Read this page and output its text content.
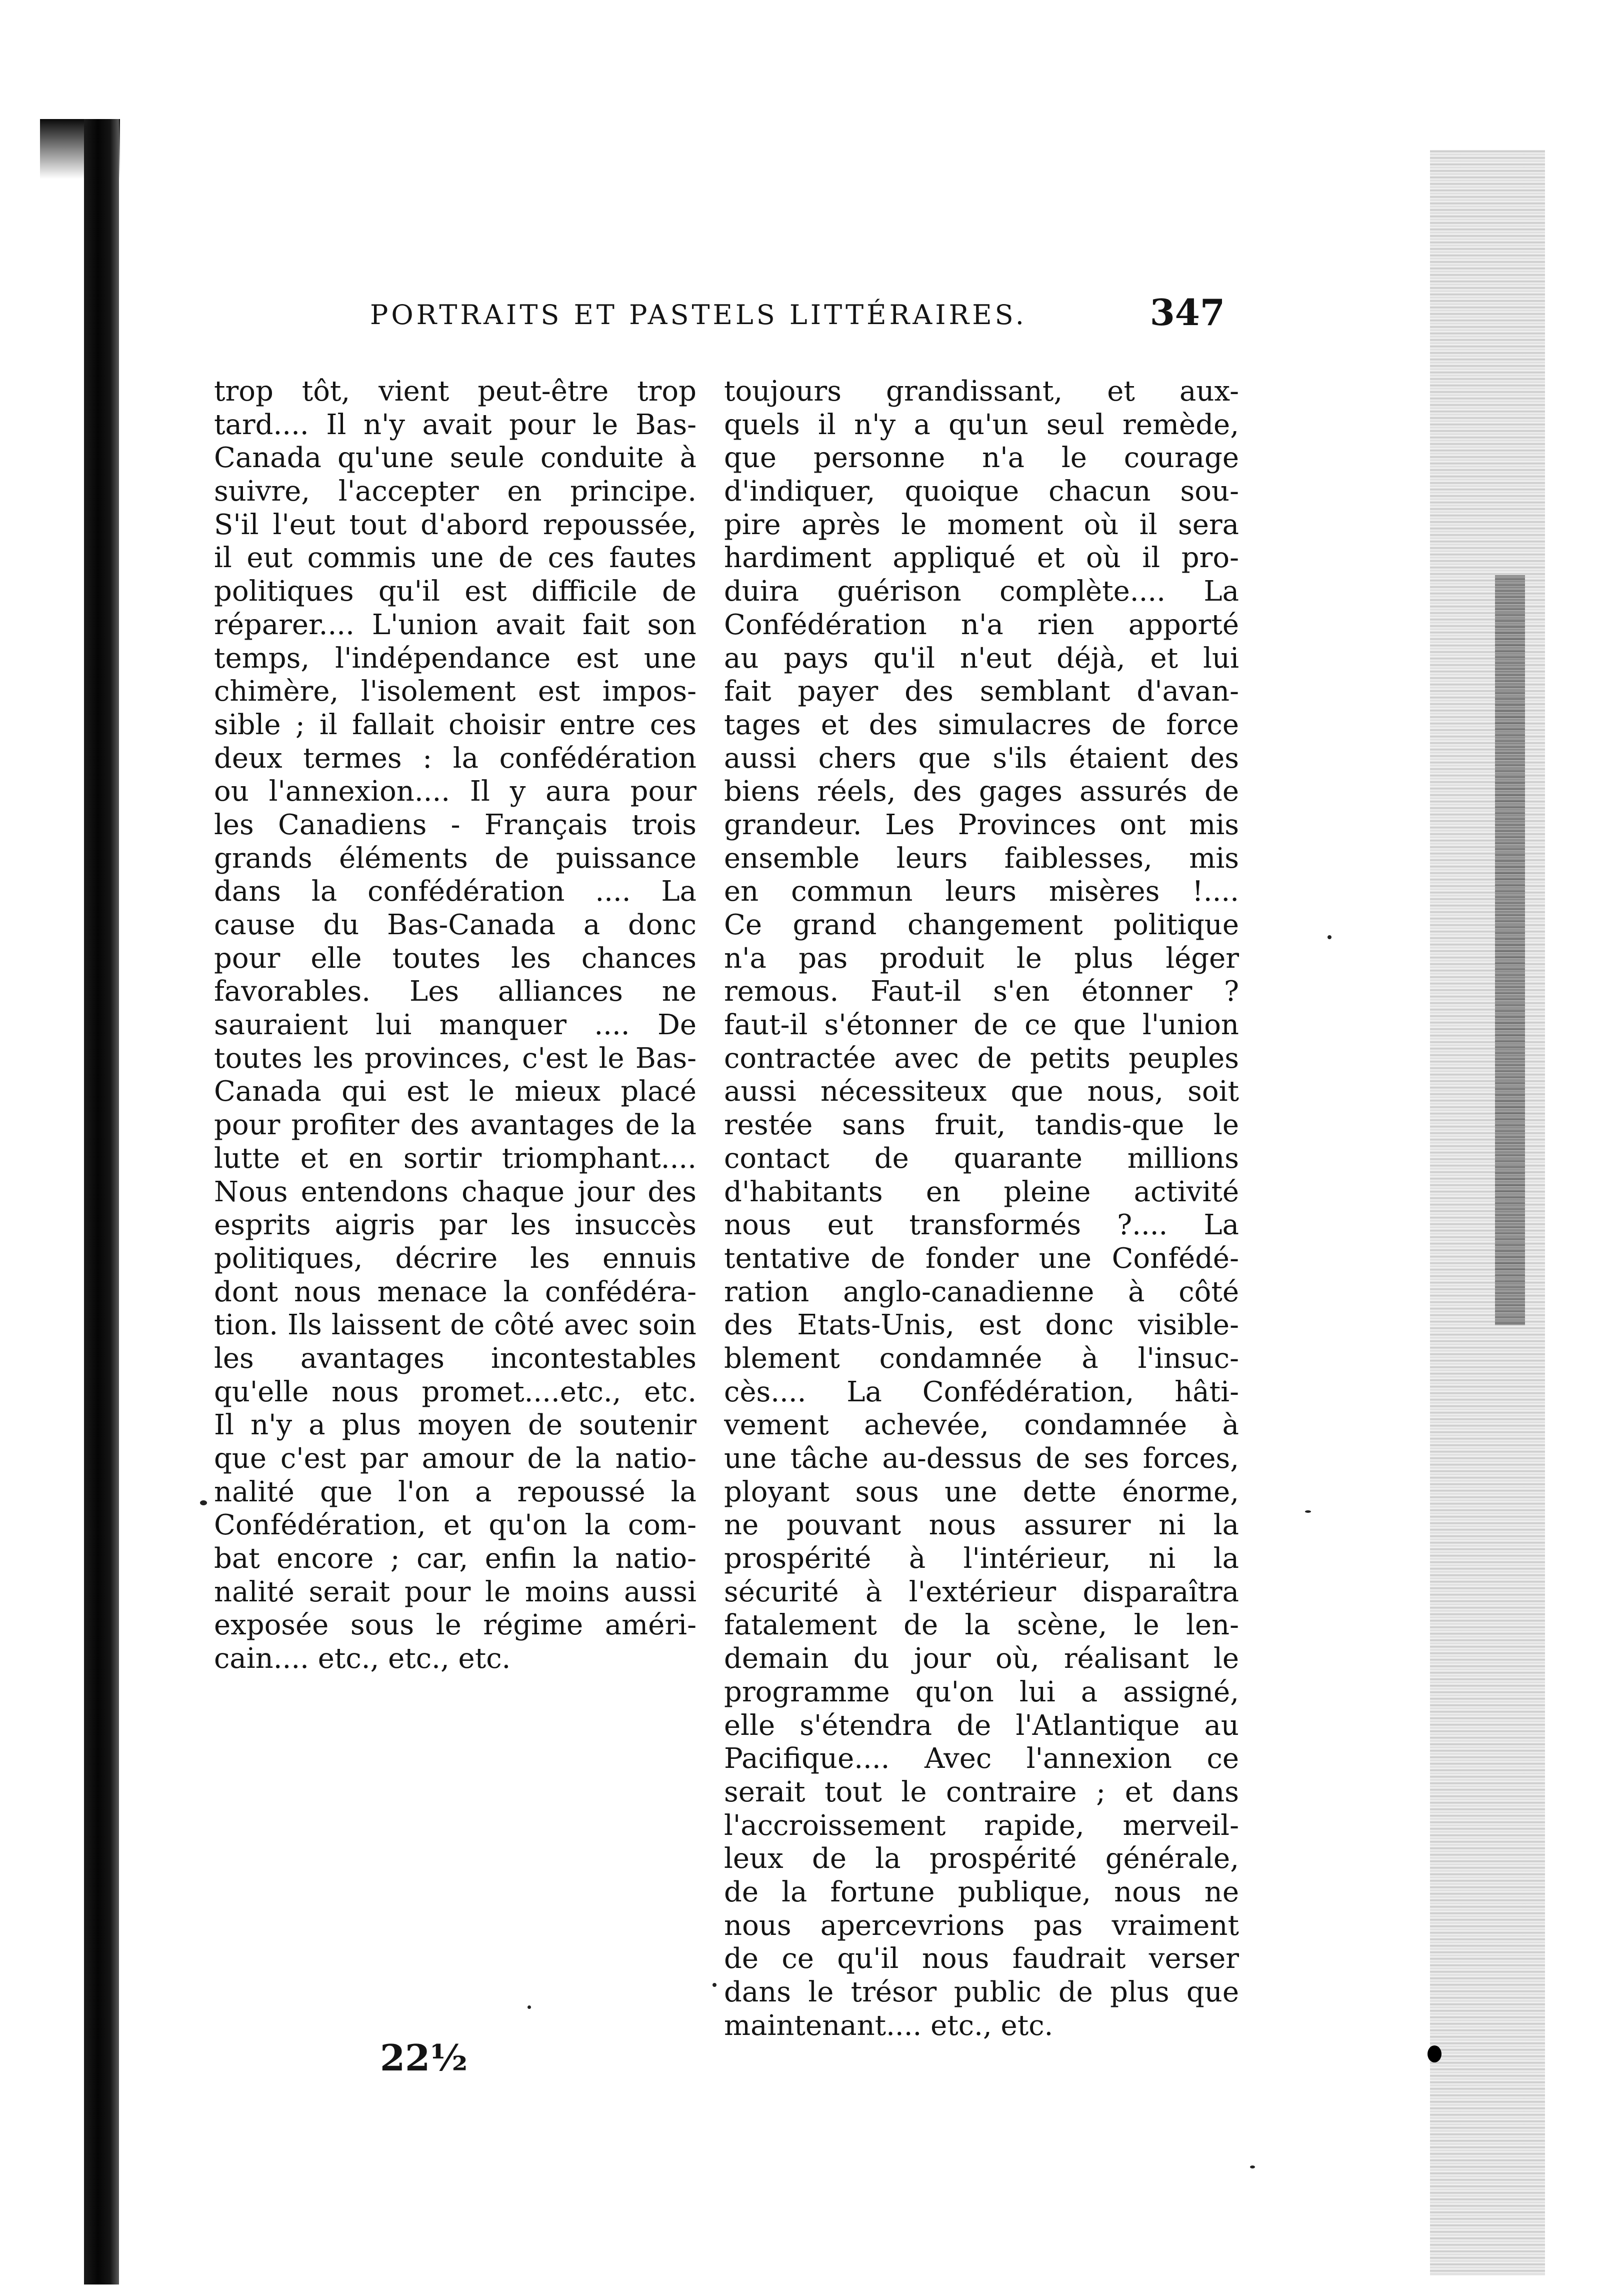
PORTRAITS ET PASTELS LITTÉRAIRES.	347
trop tôt, vient peut-être trop
tard.... Il n'y avait pour le Bas-
Canada qu'une seule conduite à
suivre, l'accepter en principe.
S'il l'eut tout d'abord repoussée,
il eut commis une de ces fautes
politiques qu'il est difficile de
réparer.... L'union avait fait son
temps, l'indépendance est une
chimère, l'isolement est impos-
sible ; il fallait choisir entre ces
deux termes : la confédération
ou l'annexion.... Il y aura pour
les Canadiens - Français trois
grands éléments de puissance
dans la confédération .... La
cause du Bas-Canada a donc
pour elle toutes les chances
favorables. Les alliances ne
sauraient lui manquer .... De
toutes les provinces, c'est le Bas-
Canada qui est le mieux placé
pour profiter des avantages de la
lutte et en sortir triomphant....
Nous entendons chaque jour des
esprits aigris par les insuccès
politiques, décrire les ennuis
dont nous menace la confédéra-
tion. Ils laissent de côté avec soin
les avantages incontestables
qu'elle nous promet....etc., etc.
Il n'y a plus moyen de soutenir
que c'est par amour de la natio-
nalité que l'on a repoussé la
Confédération, et qu'on la com-
bat encore ; car, enfin la natio-
nalité serait pour le moins aussi
exposée sous le régime améri-
cain.... etc., etc., etc.
toujours grandissant, et aux-
quels il n'y a qu'un seul remède,
que personne n'a le courage
d'indiquer, quoique chacun sou-
pire après le moment où il sera
hardiment appliqué et où il pro-
duira guérison complète.... La
Confédération n'a rien apporté
au pays qu'il n'eut déjà, et lui
fait payer des semblant d'avan-
tages et des simulacres de force
aussi chers que s'ils étaient des
biens réels, des gages assurés de
grandeur. Les Provinces ont mis
ensemble leurs faiblesses, mis
en commun leurs misères !....
Ce grand changement politique
n'a pas produit le plus léger
remous. Faut-il s'en étonner ?
faut-il s'étonner de ce que l'union
contractée avec de petits peuples
aussi nécessiteux que nous, soit
restée sans fruit, tandis-que le
contact de quarante millions
d'habitants en pleine activité
nous eut transformés ?.... La
tentative de fonder une Confédé-
ration anglo-canadienne à côté
des Etats-Unis, est donc visible-
blement condamnée à l'insuc-
cès.... La Confédération, hâti-
vement achevée, condamnée à
une tâche au-dessus de ses forces,
ployant sous une dette énorme,
ne pouvant nous assurer ni la
prospérité à l'intérieur, ni la
sécurité à l'extérieur disparaîtra
fatalement de la scène, le len-
demain du jour où, réalisant le
programme qu'on lui a assigné,
elle s'étendra de l'Atlantique au
Pacifique.... Avec l'annexion ce
serait tout le contraire ; et dans
l'accroissement rapide, merveil-
leux de la prospérité générale,
de la fortune publique, nous ne
nous apercevrions pas vraiment
de ce qu'il nous faudrait verser
dans le trésor public de plus que
maintenant.... etc., etc.
22½
